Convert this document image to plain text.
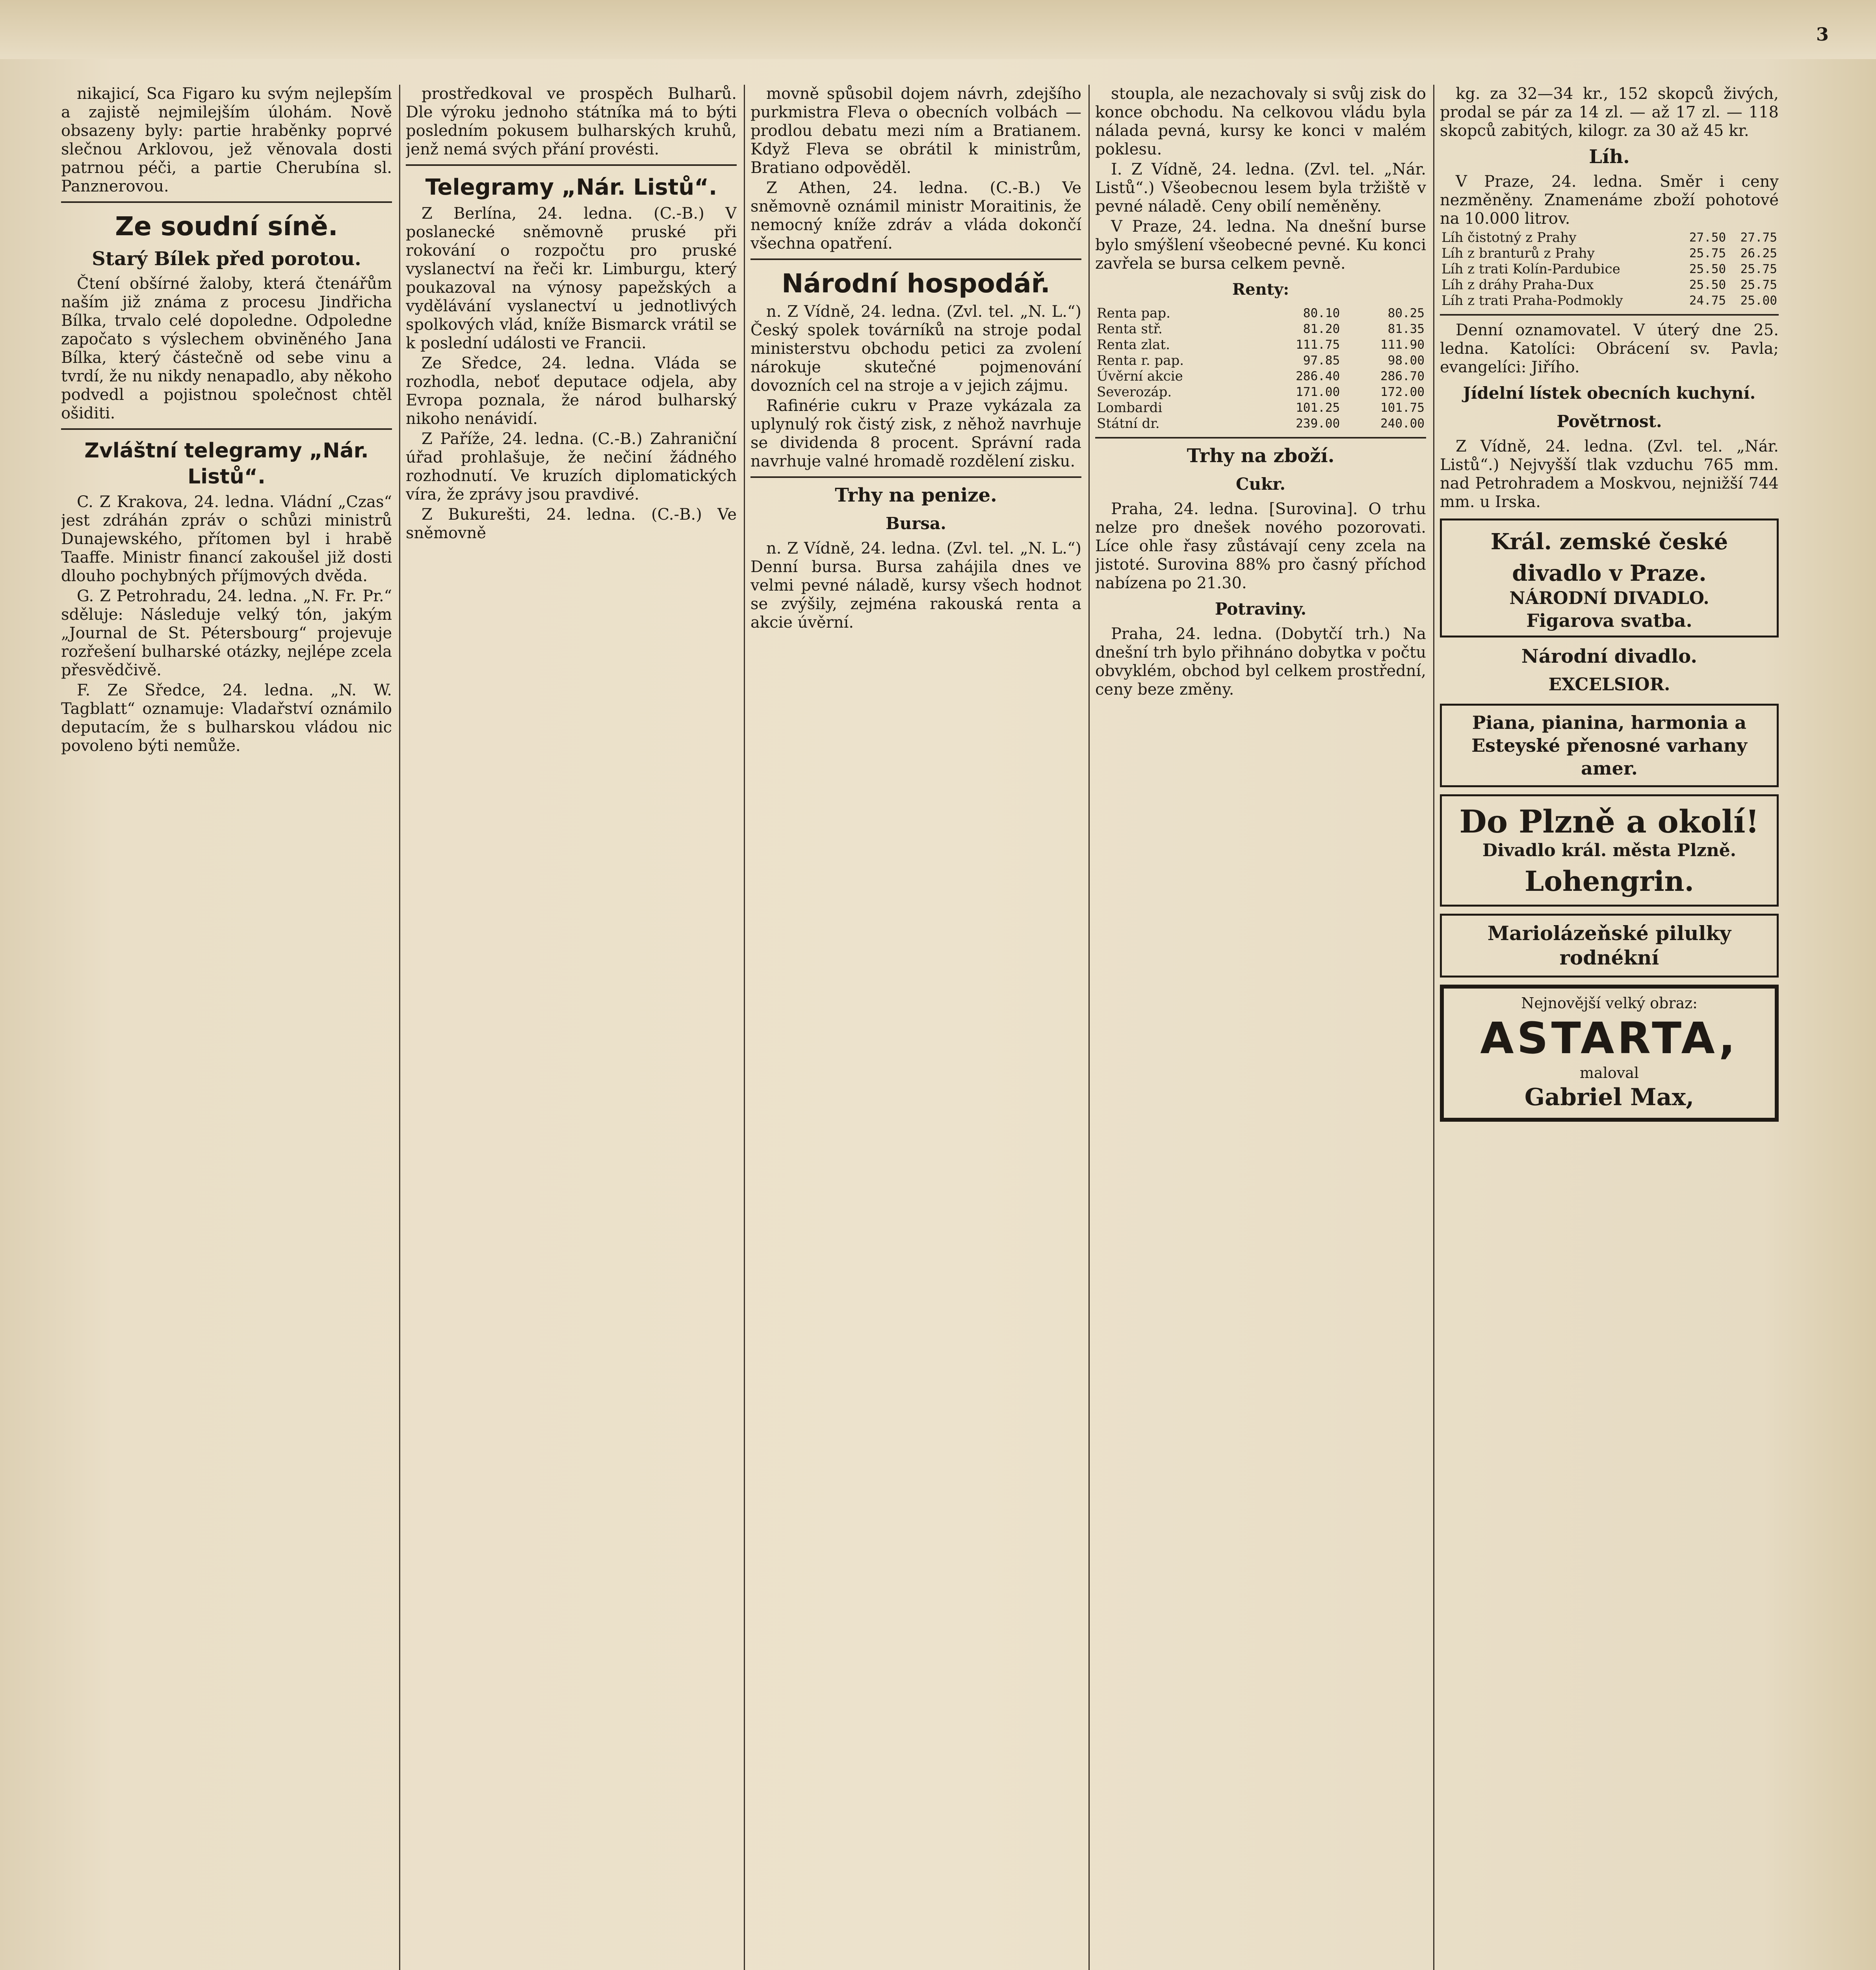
3

nikajicí, Sca Figaro ku svým nejlepším a zajistě nejmilejším úlohám. Nově obsazeny byly: partie hraběnky poprvé slečnou Arklovou, jež věnovala dosti patrnou péči, a partie Cherubína sl. Panznerovou.

Ze soudní síně.
Starý Bílek před porotou.

Čtení obšírné žaloby, která čtenářům naším již známa z procesu Jindřicha Bílka, trvalo celé dopoledne. Odpoledne započato s výslechem obviněného Jana Bílka, který částečně od sebe vinu a tvrdí, že nu nikdy nenapadlo, aby někoho podvedl a pojistnou společnost chtěl ošiditi.

Zvláštní telegramy „Nár. Listů“.

C. Z Krakova, 24. ledna. Vládní „Czas“ jest zdráhán zpráv o schůzi ministrů Dunajewského, přítomen byl i hrabě Taaffe. Ministr financí zakoušel již dosti dlouho pochybných příjmových dvěda.

G. Z Petrohradu, 24. ledna. „N. Fr. Pr.“ sděluje: Následuje velký tón, jakým „Journal de St. Pétersbourg“ projevuje rozřešení bulharské otázky, nejlépe zcela přesvědčivě.

F. Ze Sředce, 24. ledna. „N. W. Tagblatt“ oznamuje: Vladařství oznámilo deputacím, že s bulharskou vládou nic povoleno býti nemůže.

prostředkoval ve prospěch Bulharů. Dle výroku jednoho státníka má to býti posledním pokusem bulharských kruhů, jenž nemá svých přání provésti.

Telegramy „Nár. Listů“.

Z Berlína, 24. ledna. (C.-B.) V poslanecké sněmovně pruské při rokování o rozpočtu pro pruské vyslanectví na řeči kr. Limburgu, který poukazoval na výnosy papežských a vydělávání vyslanectví u jednotlivých spolkových vlád, kníže Bismarck vrátil se k poslední události ve Francii.

Ze Sředce, 24. ledna. Vláda se rozhodla, neboť deputace odjela, aby Evropa poznala, že národ bulharský nikoho nenávidí.

Z Paříže, 24. ledna. (C.-B.) Zahraniční úřad prohlašuje, že nečiní žádného rozhodnutí. Ve kruzích diplomatických víra, že zprávy jsou pravdivé.

Z Bukurešti, 24. ledna. (C.-B.) Ve sněmovně

movně spůsobil dojem návrh, zdejšího purkmistra Fleva o obecních volbách — prodlou debatu mezi ním a Bratianem. Když Fleva se obrátil k ministrům, Bratiano odpověděl.

Z Athen, 24. ledna. (C.-B.) Ve sněmovně oznámil ministr Moraitinis, že nemocný kníže zdráv a vláda dokončí všechna opatření.

Národní hospodář.

n. Z Vídně, 24. ledna. (Zvl. tel. „N. L.“) Český spolek továrníků na stroje podal ministerstvu obchodu petici za zvolení nárokuje skutečné pojmenování dovozních cel na stroje a v jejich zájmu.

Rafinérie cukru v Praze vykázala za uplynulý rok čistý zisk, z něhož navrhuje se dividenda 8 procent. Správní rada navrhuje valné hromadě rozdělení zisku.

Trhy na penize.
Bursa.

n. Z Vídně, 24. ledna. (Zvl. tel. „N. L.“) Denní bursa. Bursa zahájila dnes ve velmi pevné náladě, kursy všech hodnot se zvýšily, zejména rakouská renta a akcie úvěrní.

stoupla, ale nezachovaly si svůj zisk do konce obchodu. Na celkovou vládu byla nálada pevná, kursy ke konci v malém poklesu.

I. Z Vídně, 24. ledna. (Zvl. tel. „Nár. Listů“.) Všeobecnou lesem byla tržiště v pevné náladě. Ceny obilí neměněny.

V Praze, 24. ledna. Na dnešní burse bylo smýšlení všeobecné pevné. Ku konci zavřela se bursa celkem pevně.

Renty:
Renta pap.	80.10	80.25
Renta stř.	81.20	81.35
Renta zlat.	111.75	111.90
Renta r. pap.	97.85	98.00
Úvěrní akcie	286.40	286.70
Severozáp.	171.00	172.00
Lombardi	101.25	101.75
Státní dr.	239.00	240.00
Trhy na zboží.
Cukr.

Praha, 24. ledna. [Surovina]. O trhu nelze pro dnešek nového pozorovati. Líce ohle řasy zůstávají ceny zcela na jistoté. Surovina 88% pro časný příchod nabízena po 21.30.

Potraviny.

Praha, 24. ledna. (Dobytčí trh.) Na dnešní trh bylo přihnáno dobytka v počtu obvyklém, obchod byl celkem prostřední, ceny beze změny.

kg. za 32—34 kr., 152 skopců živých, prodal se pár za 14 zl. — až 17 zl. — 118 skopců zabitých, kilogr. za 30 až 45 kr.

Líh.

V Praze, 24. ledna. Směr i ceny nezměněny. Znamenáme zboží pohotové na 10.000 litrov.

Líh čistotný z Prahy	27.50	27.75
Líh z branturů z Prahy	25.75	26.25
Líh z trati Kolín-Pardubice	25.50	25.75
Líh z dráhy Praha-Dux	25.50	25.75
Líh z trati Praha-Podmokly	24.75	25.00

Denní oznamovatel. V úterý dne 25. ledna. Katolíci: Obrácení sv. Pavla; evangelíci: Jiřího.

Jídelní lístek obecních kuchyní.
Povětrnost.

Z Vídně, 24. ledna. (Zvl. tel. „Nár. Listů“.) Nejvyšší tlak vzduchu 765 mm. nad Petrohradem a Moskvou, nejnižší 744 mm. u Irska.

Král. zemské české divadlo v Praze.
NÁRODNÍ DIVADLO.
Figarova svatba.
Národní divadlo.
EXCELSIOR.
Piana, pianina, harmonia a Esteyské přenosné varhany amer.
Do Plzně a okolí!
Divadlo král. města Plzně.
Lohengrin.
Mariolázeňské pilulky rodnékní
Nejnovější velký obraz:
ASTARTA,
maloval
Gabriel Max,
